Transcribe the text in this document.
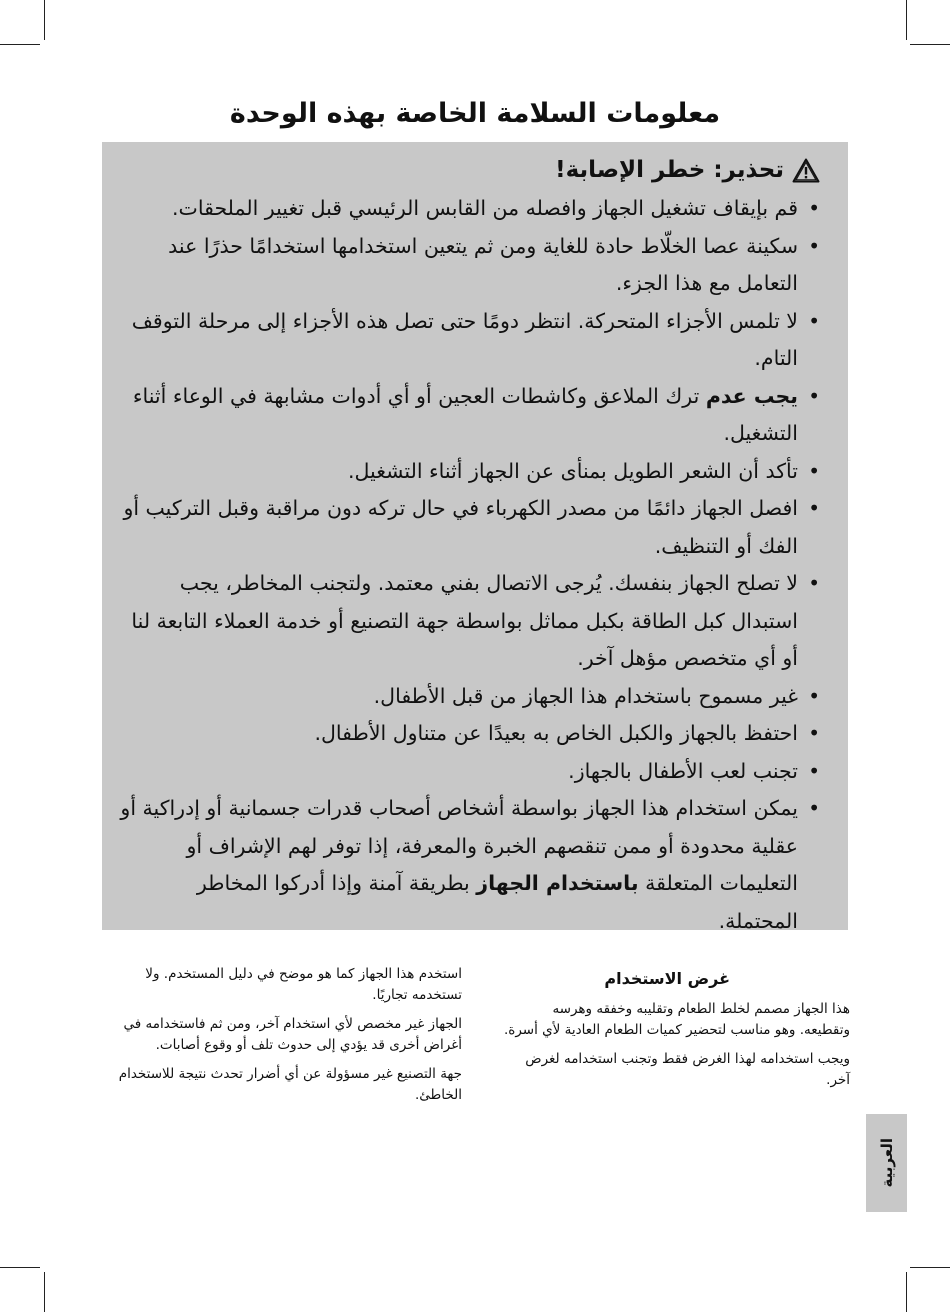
معلومات السلامة الخاصة بهذه الوحدة
تحذير: خطر الإصابة!
• قم بإيقاف تشغيل الجهاز وافصله من القابس الرئيسي قبل تغيير الملحقات.
• سكينة عصا الخلّاط حادة للغاية ومن ثم يتعين استخدامها استخدامًا حذرًا عند التعامل مع هذا الجزء.
• لا تلمس الأجزاء المتحركة. انتظر دومًا حتى تصل هذه الأجزاء إلى مرحلة التوقف التام.
• يجب عدم ترك الملاعق وكاشطات العجين أو أي أدوات مشابهة في الوعاء أثناء التشغيل.
• تأكد أن الشعر الطويل بمنأى عن الجهاز أثناء التشغيل.
• افصل الجهاز دائمًا من مصدر الكهرباء في حال تركه دون مراقبة وقبل التركيب أو الفك أو التنظيف.
• لا تصلح الجهاز بنفسك. يُرجى الاتصال بفني معتمد. ولتجنب المخاطر، يجب استبدال كبل الطاقة بكبل مماثل بواسطة جهة التصنيع أو خدمة العملاء التابعة لنا أو أي متخصص مؤهل آخر.
• غير مسموح باستخدام هذا الجهاز من قبل الأطفال.
• احتفظ بالجهاز والكبل الخاص به بعيدًا عن متناول الأطفال.
• تجنب لعب الأطفال بالجهاز.
• يمكن استخدام هذا الجهاز بواسطة أشخاص أصحاب قدرات جسمانية أو إدراكية أو عقلية محدودة أو ممن تنقصهم الخبرة والمعرفة، إذا توفر لهم الإشراف أو التعليمات المتعلقة باستخدام الجهاز بطريقة آمنة وإذا أدركوا المخاطر المحتملة.
غرض الاستخدام

هذا الجهاز مصمم لخلط الطعام وتقليبه وخفقه وهرسه وتقطيعه. وهو مناسب لتحضير كميات الطعام العادية لأي أسرة.

ويجب استخدامه لهذا الغرض فقط وتجنب استخدامه لغرض آخر.

استخدم هذا الجهاز كما هو موضح في دليل المستخدم. ولا تستخدمه تجاريًا.

الجهاز غير مخصص لأي استخدام آخر، ومن ثم فاستخدامه في أغراض أخرى قد يؤدي إلى حدوث تلف أو وقوع أصابات.

جهة التصنيع غير مسؤولة عن أي أضرار تحدث نتيجة للاستخدام الخاطئ.

العربية
